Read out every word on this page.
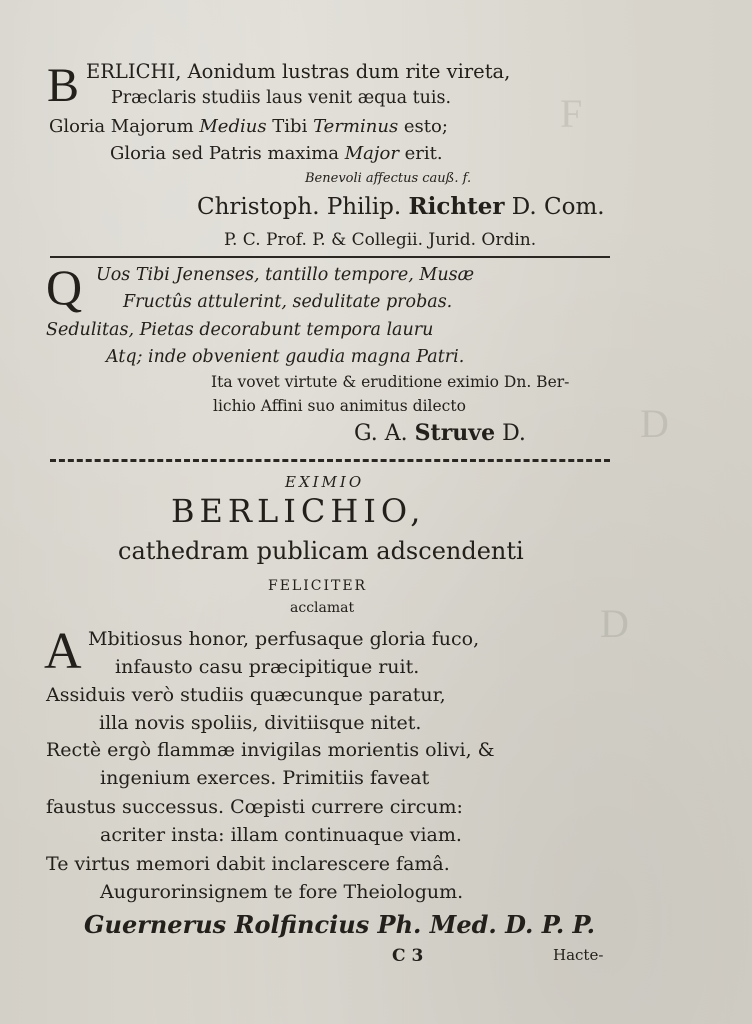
F
D
D
B ERLICHI, Aonidum lustras dum rite vireta,
Præclaris studiis laus venit æqua tuis.
Gloria Majorum Medius Tibi Terminus esto;
Gloria sed Patris maxima Major erit.
Benevoli affectus cauß. f.
Christoph. Philip. Richter D. Com.
P. C. Prof. P. & Collegii. Jurid. Ordin.
Q Uos Tibi Jenenses, tantillo tempore, Musæ
Fructûs attulerint, sedulitate probas.
Sedulitas, Pietas decorabunt tempora lauru
Atq; inde obvenient gaudia magna Patri.
Ita vovet virtute & eruditione eximio Dn. Ber-
lichio Affini suo animitus dilecto
G. A. Struve D.
EXIMIO
BERLICHIO,
cathedram publicam adscendenti
FELICITER
acclamat
A Mbitiosus honor, perfusaque gloria fuco,
infausto casu præcipitique ruit.
Assiduis verò studiis quæcunque paratur,
illa novis spoliis, divitiisque nitet.
Rectè ergò flammæ invigilas morientis olivi, &
ingenium exerces. Primitiis faveat
faustus successus. Cœpisti currere circum:
acriter insta: illam continuaque viam.
Te virtus memori dabit inclarescere famâ.
Augurorinsignem te fore Theiologum.
Guernerus Rolfincius Ph. Med. D. P. P.
C 3	Hacte-
